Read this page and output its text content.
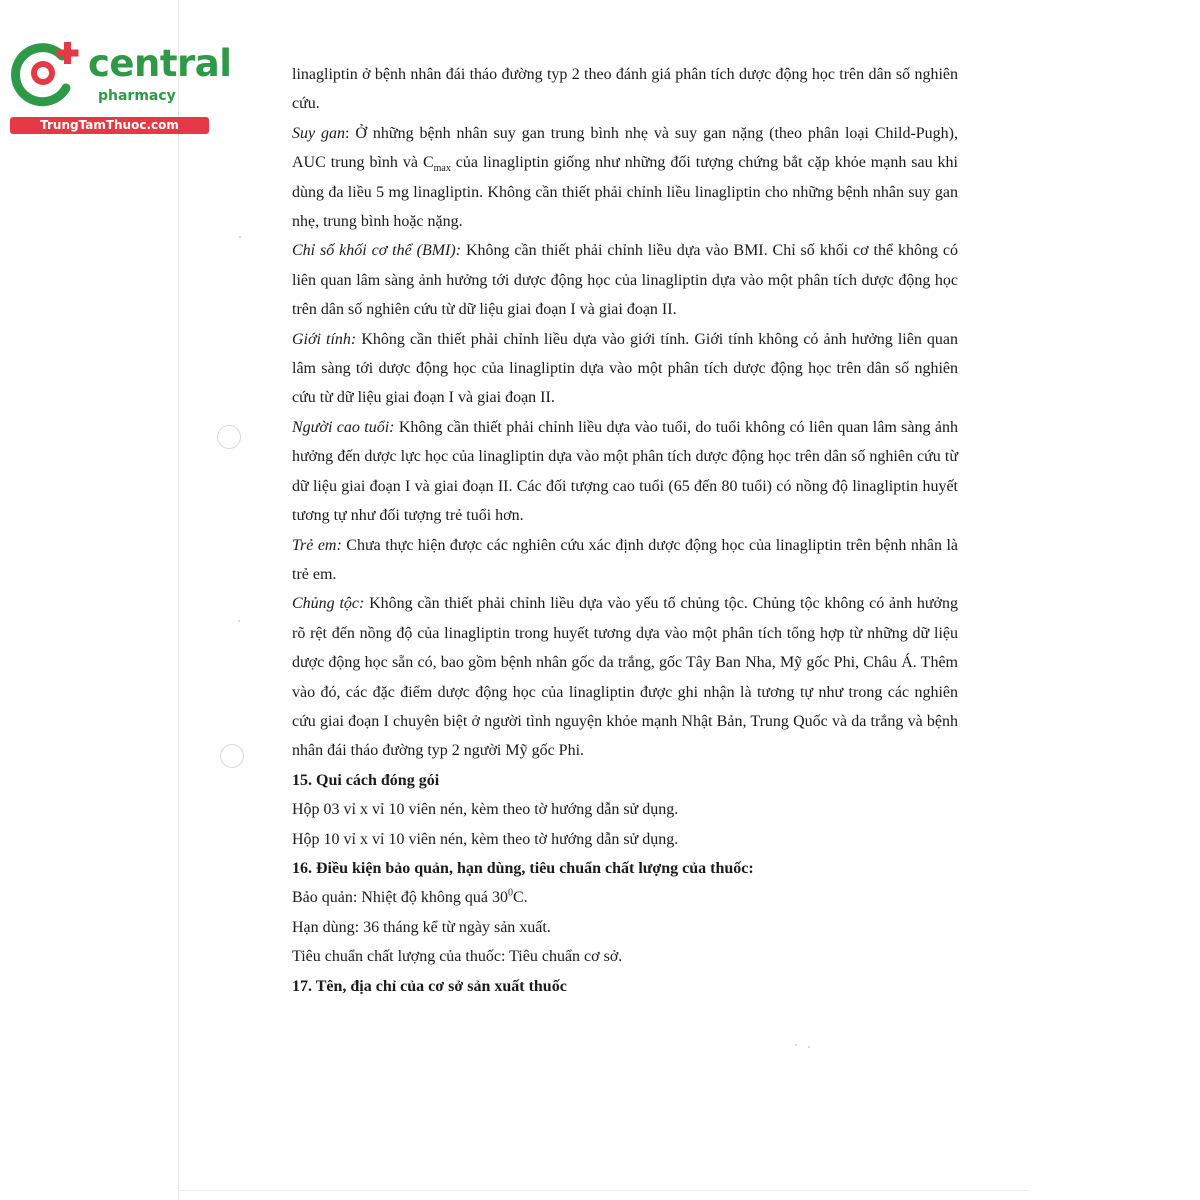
central
pharmacy
TrungTamThuoc.com

linagliptin ở bệnh nhân đái tháo đường typ 2 theo đánh giá phân tích dược động học trên dân số nghiên cứu.

Suy gan: Ở những bệnh nhân suy gan trung bình nhẹ và suy gan nặng (theo phân loại Child-Pugh), AUC trung bình và $C_{max}$ của linagliptin giống như những đối tượng chứng bắt cặp khỏe mạnh sau khi dùng đa liều 5 mg linagliptin. Không cần thiết phải chỉnh liều linagliptin cho những bệnh nhân suy gan nhẹ, trung bình hoặc nặng.

Chỉ số khối cơ thể (BMI): Không cần thiết phải chỉnh liều dựa vào BMI. Chỉ số khối cơ thể không có liên quan lâm sàng ảnh hưởng tới dược động học của linagliptin dựa vào một phân tích dược động học trên dân số nghiên cứu từ dữ liệu giai đoạn I và giai đoạn II.

Giới tính: Không cần thiết phải chỉnh liều dựa vào giới tính. Giới tính không có ảnh hưởng liên quan lâm sàng tới dược động học của linagliptin dựa vào một phân tích dược động học trên dân số nghiên cứu từ dữ liệu giai đoạn I và giai đoạn II.

Người cao tuổi: Không cần thiết phải chỉnh liều dựa vào tuổi, do tuổi không có liên quan lâm sàng ảnh hưởng đến dược lực học của linagliptin dựa vào một phân tích dược động học trên dân số nghiên cứu từ dữ liệu giai đoạn I và giai đoạn II. Các đối tượng cao tuổi (65 đến 80 tuổi) có nồng độ linagliptin huyết tương tự như đối tượng trẻ tuổi hơn.

Trẻ em: Chưa thực hiện được các nghiên cứu xác định dược động học của linagliptin trên bệnh nhân là trẻ em.

Chủng tộc: Không cần thiết phải chỉnh liều dựa vào yếu tố chủng tộc. Chủng tộc không có ảnh hưởng rõ rệt đến nồng độ của linagliptin trong huyết tương dựa vào một phân tích tổng hợp từ những dữ liệu dược động học sẵn có, bao gồm bệnh nhân gốc da trắng, gốc Tây Ban Nha, Mỹ gốc Phi, Châu Á. Thêm vào đó, các đặc điểm dược động học của linagliptin được ghi nhận là tương tự như trong các nghiên cứu giai đoạn I chuyên biệt ở người tình nguyện khỏe mạnh Nhật Bản, Trung Quốc và da trắng và bệnh nhân đái tháo đường typ 2 người Mỹ gốc Phi.

15. Qui cách đóng gói

Hộp 03 vỉ x vỉ 10 viên nén, kèm theo tờ hướng dẫn sử dụng.

Hộp 10 vỉ x vỉ 10 viên nén, kèm theo tờ hướng dẫn sử dụng.

16. Điều kiện bảo quản, hạn dùng, tiêu chuẩn chất lượng của thuốc:

Bảo quản: Nhiệt độ không quá $30^0C$.

Hạn dùng: 36 tháng kể từ ngày sản xuất.

Tiêu chuẩn chất lượng của thuốc: Tiêu chuẩn cơ sở.

17. Tên, địa chỉ của cơ sở sản xuất thuốc
